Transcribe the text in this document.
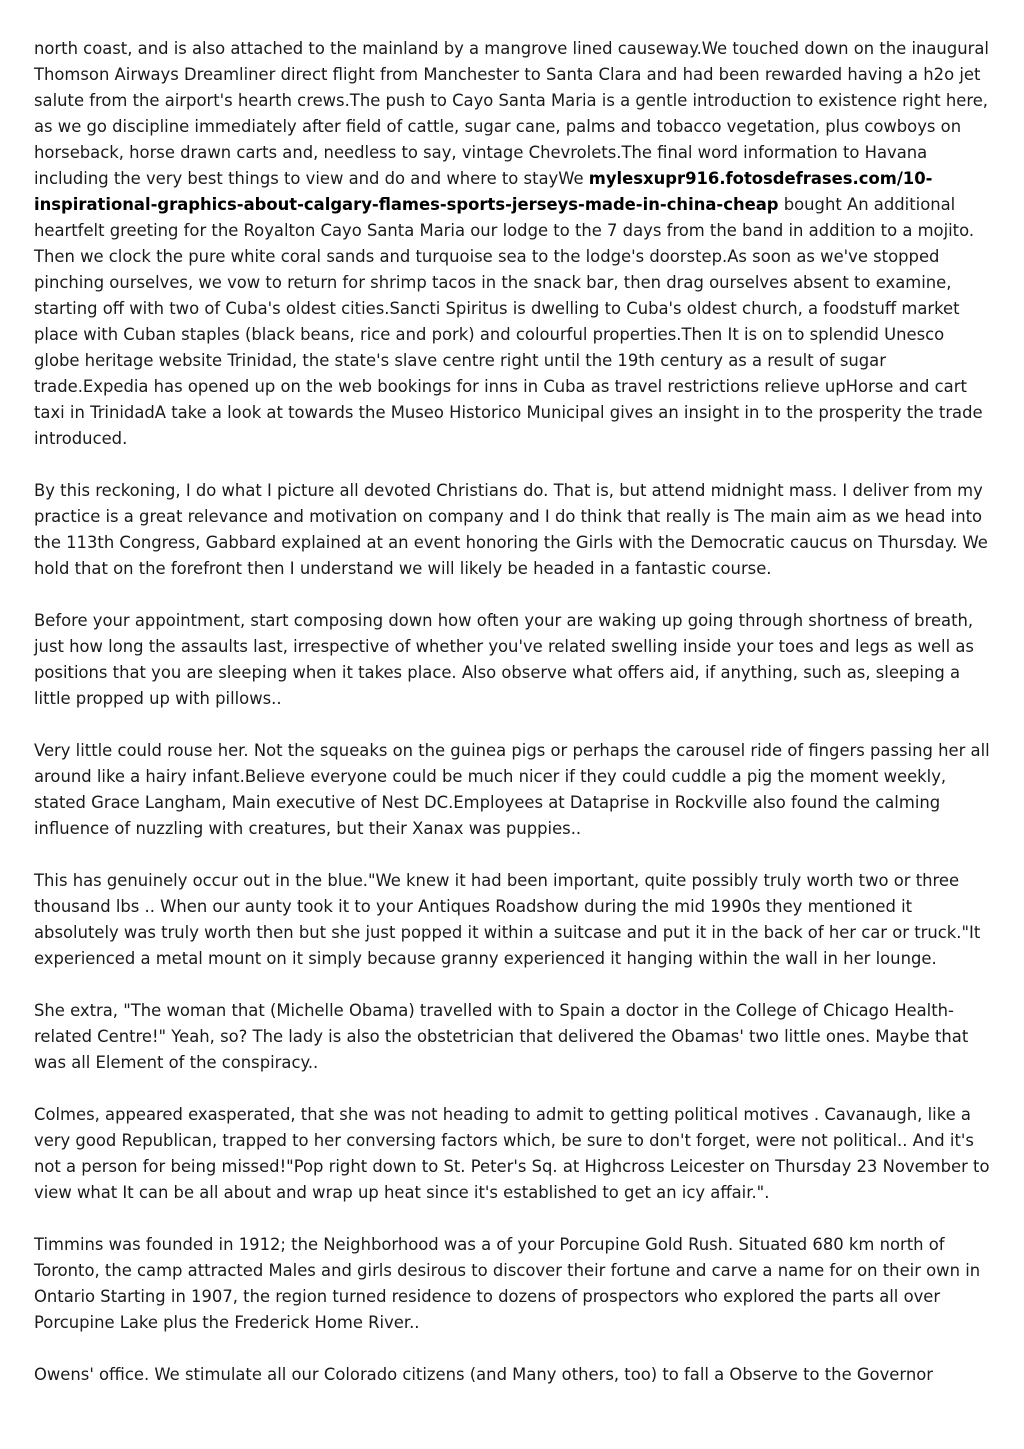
north coast, and is also attached to the mainland by a mangrove lined causeway.We touched down on the inaugural Thomson Airways Dreamliner direct flight from Manchester to Santa Clara and had been rewarded having a h2o jet salute from the airport's hearth crews.The push to Cayo Santa Maria is a gentle introduction to existence right here, as we go discipline immediately after field of cattle, sugar cane, palms and tobacco vegetation, plus cowboys on horseback, horse drawn carts and, needless to say, vintage Chevrolets.The final word information to Havana including the very best things to view and do and where to stayWe mylesxupr916.fotosdefrases.com/10-inspirational-graphics-about-calgary-flames-sports-jerseys-made-in-china-cheap bought An additional heartfelt greeting for the Royalton Cayo Santa Maria our lodge to the 7 days from the band in addition to a mojito. Then we clock the pure white coral sands and turquoise sea to the lodge's doorstep.As soon as we've stopped pinching ourselves, we vow to return for shrimp tacos in the snack bar, then drag ourselves absent to examine, starting off with two of Cuba's oldest cities.Sancti Spiritus is dwelling to Cuba's oldest church, a foodstuff market place with Cuban staples (black beans, rice and pork) and colourful properties.Then It is on to splendid Unesco globe heritage website Trinidad, the state's slave centre right until the 19th century as a result of sugar trade.Expedia has opened up on the web bookings for inns in Cuba as travel restrictions relieve upHorse and cart taxi in TrinidadA take a look at towards the Museo Historico Municipal gives an insight in to the prosperity the trade introduced.

By this reckoning, I do what I picture all devoted Christians do. That is, but attend midnight mass. I deliver from my practice is a great relevance and motivation on company and I do think that really is The main aim as we head into the 113th Congress, Gabbard explained at an event honoring the Girls with the Democratic caucus on Thursday. We hold that on the forefront then I understand we will likely be headed in a fantastic course.

Before your appointment, start composing down how often your are waking up going through shortness of breath, just how long the assaults last, irrespective of whether you've related swelling inside your toes and legs as well as positions that you are sleeping when it takes place. Also observe what offers aid, if anything, such as, sleeping a little propped up with pillows..

Very little could rouse her. Not the squeaks on the guinea pigs or perhaps the carousel ride of fingers passing her all around like a hairy infant.Believe everyone could be much nicer if they could cuddle a pig the moment weekly, stated Grace Langham, Main executive of Nest DC.Employees at Dataprise in Rockville also found the calming influence of nuzzling with creatures, but their Xanax was puppies..

This has genuinely occur out in the blue."We knew it had been important, quite possibly truly worth two or three thousand lbs .. When our aunty took it to your Antiques Roadshow during the mid 1990s they mentioned it absolutely was truly worth then but she just popped it within a suitcase and put it in the back of her car or truck."It experienced a metal mount on it simply because granny experienced it hanging within the wall in her lounge.

She extra, "The woman that (Michelle Obama) travelled with to Spain a doctor in the College of Chicago Health-related Centre!" Yeah, so? The lady is also the obstetrician that delivered the Obamas' two little ones. Maybe that was all Element of the conspiracy..

Colmes, appeared exasperated, that she was not heading to admit to getting political motives . Cavanaugh, like a very good Republican, trapped to her conversing factors which, be sure to don't forget, were not political.. And it's not a person for being missed!"Pop right down to St. Peter's Sq. at Highcross Leicester on Thursday 23 November to view what It can be all about and wrap up heat since it's established to get an icy affair.".

Timmins was founded in 1912; the Neighborhood was a of your Porcupine Gold Rush. Situated 680 km north of Toronto, the camp attracted Males and girls desirous to discover their fortune and carve a name for on their own in Ontario Starting in 1907, the region turned residence to dozens of prospectors who explored the parts all over Porcupine Lake plus the Frederick Home River..

Owens' office. We stimulate all our Colorado citizens (and Many others, too) to fall a Observe to the Governor
